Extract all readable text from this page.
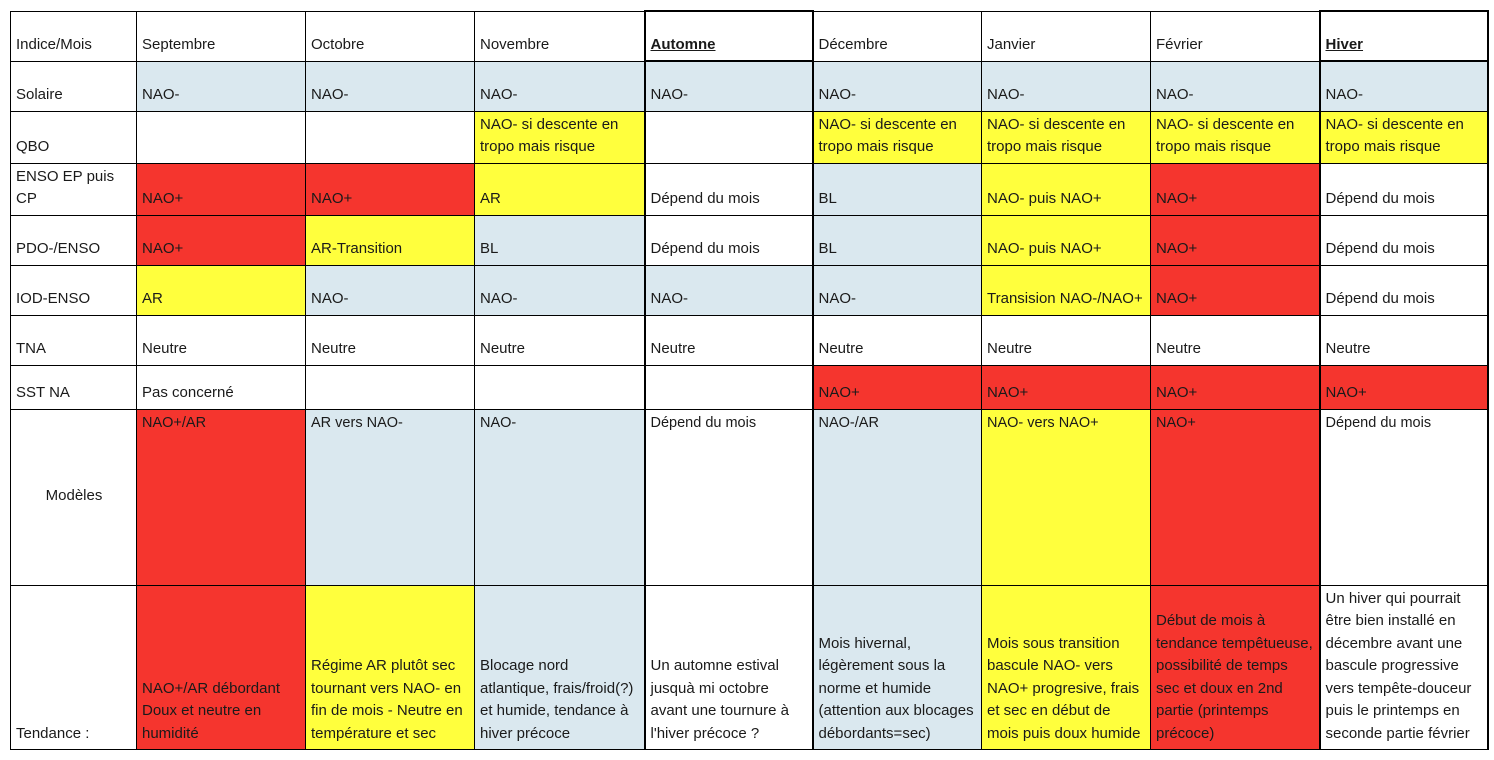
Indice/Mois	Septembre	Octobre	Novembre	Automne	Décembre	Janvier	Février	Hiver
Solaire	NAO-	NAO-	NAO-	NAO-	NAO-	NAO-	NAO-	NAO-
QBO			NAO- si descente en tropo mais risque		NAO- si descente en tropo mais risque	NAO- si descente en tropo mais risque	NAO- si descente en tropo mais risque	NAO- si descente en tropo mais risque
ENSO EP puis CP	NAO+	NAO+	AR	Dépend du mois	BL	NAO- puis NAO+	NAO+	Dépend du mois
PDO-/ENSO	NAO+	AR-Transition	BL	Dépend du mois	BL	NAO- puis NAO+	NAO+	Dépend du mois
IOD-ENSO	AR	NAO-	NAO-	NAO-	NAO-	Transision NAO-/NAO+	NAO+	Dépend du mois
TNA	Neutre	Neutre	Neutre	Neutre	Neutre	Neutre	Neutre	Neutre
SST NA	Pas concerné				NAO+	NAO+	NAO+	NAO+
Modèles	NAO+/AR	AR vers NAO-	NAO-	Dépend du mois	NAO-/AR	NAO- vers NAO+	NAO+	Dépend du mois
Tendance :	NAO+/AR débordant Doux et neutre en humidité	Régime AR plutôt sec tournant vers NAO- en fin de mois - Neutre en température et sec	Blocage nord atlantique, frais/froid(?) et humide, tendance à hiver précoce	Un automne estival jusquà mi octobre avant une tournure à l'hiver précoce ?	Mois hivernal, légèrement sous la norme et humide (attention aux blocages débordants=sec)	Mois sous transition bascule NAO- vers NAO+ progresive, frais et sec en début de mois puis doux humide	Début de mois à tendance tempêtueuse, possibilité de temps sec et doux en 2nd partie (printemps précoce)	Un hiver qui pourrait être bien installé en décembre avant une bascule progressive vers tempête-douceur puis le printemps en seconde partie février
